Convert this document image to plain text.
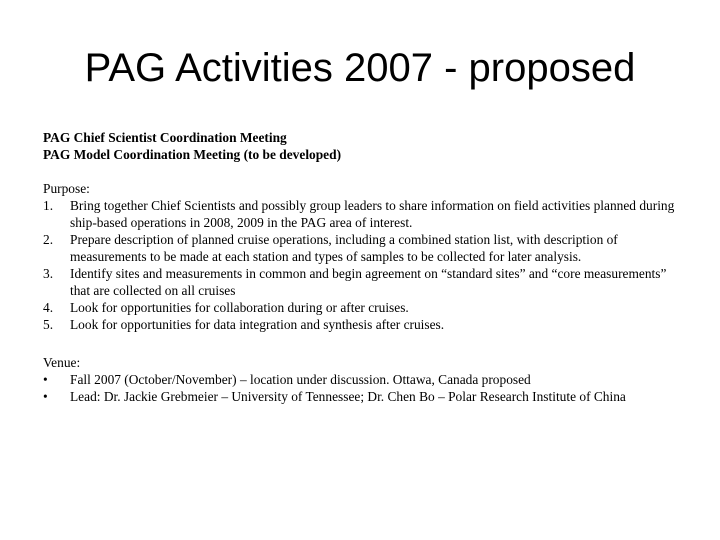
PAG Activities 2007 - proposed

PAG Chief Scientist Coordination Meeting

PAG Model Coordination Meeting (to be developed)

Purpose:

1.	Bring together Chief Scientists and possibly group leaders to share information on field activities planned during ship-based operations in 2008, 2009 in the PAG area of interest.
2.	Prepare description of planned cruise operations, including a combined station list, with description of measurements to be made at each station and types of samples to be collected for later analysis.
3.	Identify sites and measurements in common and begin agreement on “standard sites” and “core measurements” that are collected on all cruises
4.	Look for opportunities for collaboration during or after cruises.
5.	Look for opportunities for data integration and synthesis after cruises.

Venue:

•	Fall 2007 (October/November) – location under discussion. Ottawa, Canada proposed
•	Lead: Dr. Jackie Grebmeier – University of Tennessee; Dr. Chen Bo – Polar Research Institute of China
